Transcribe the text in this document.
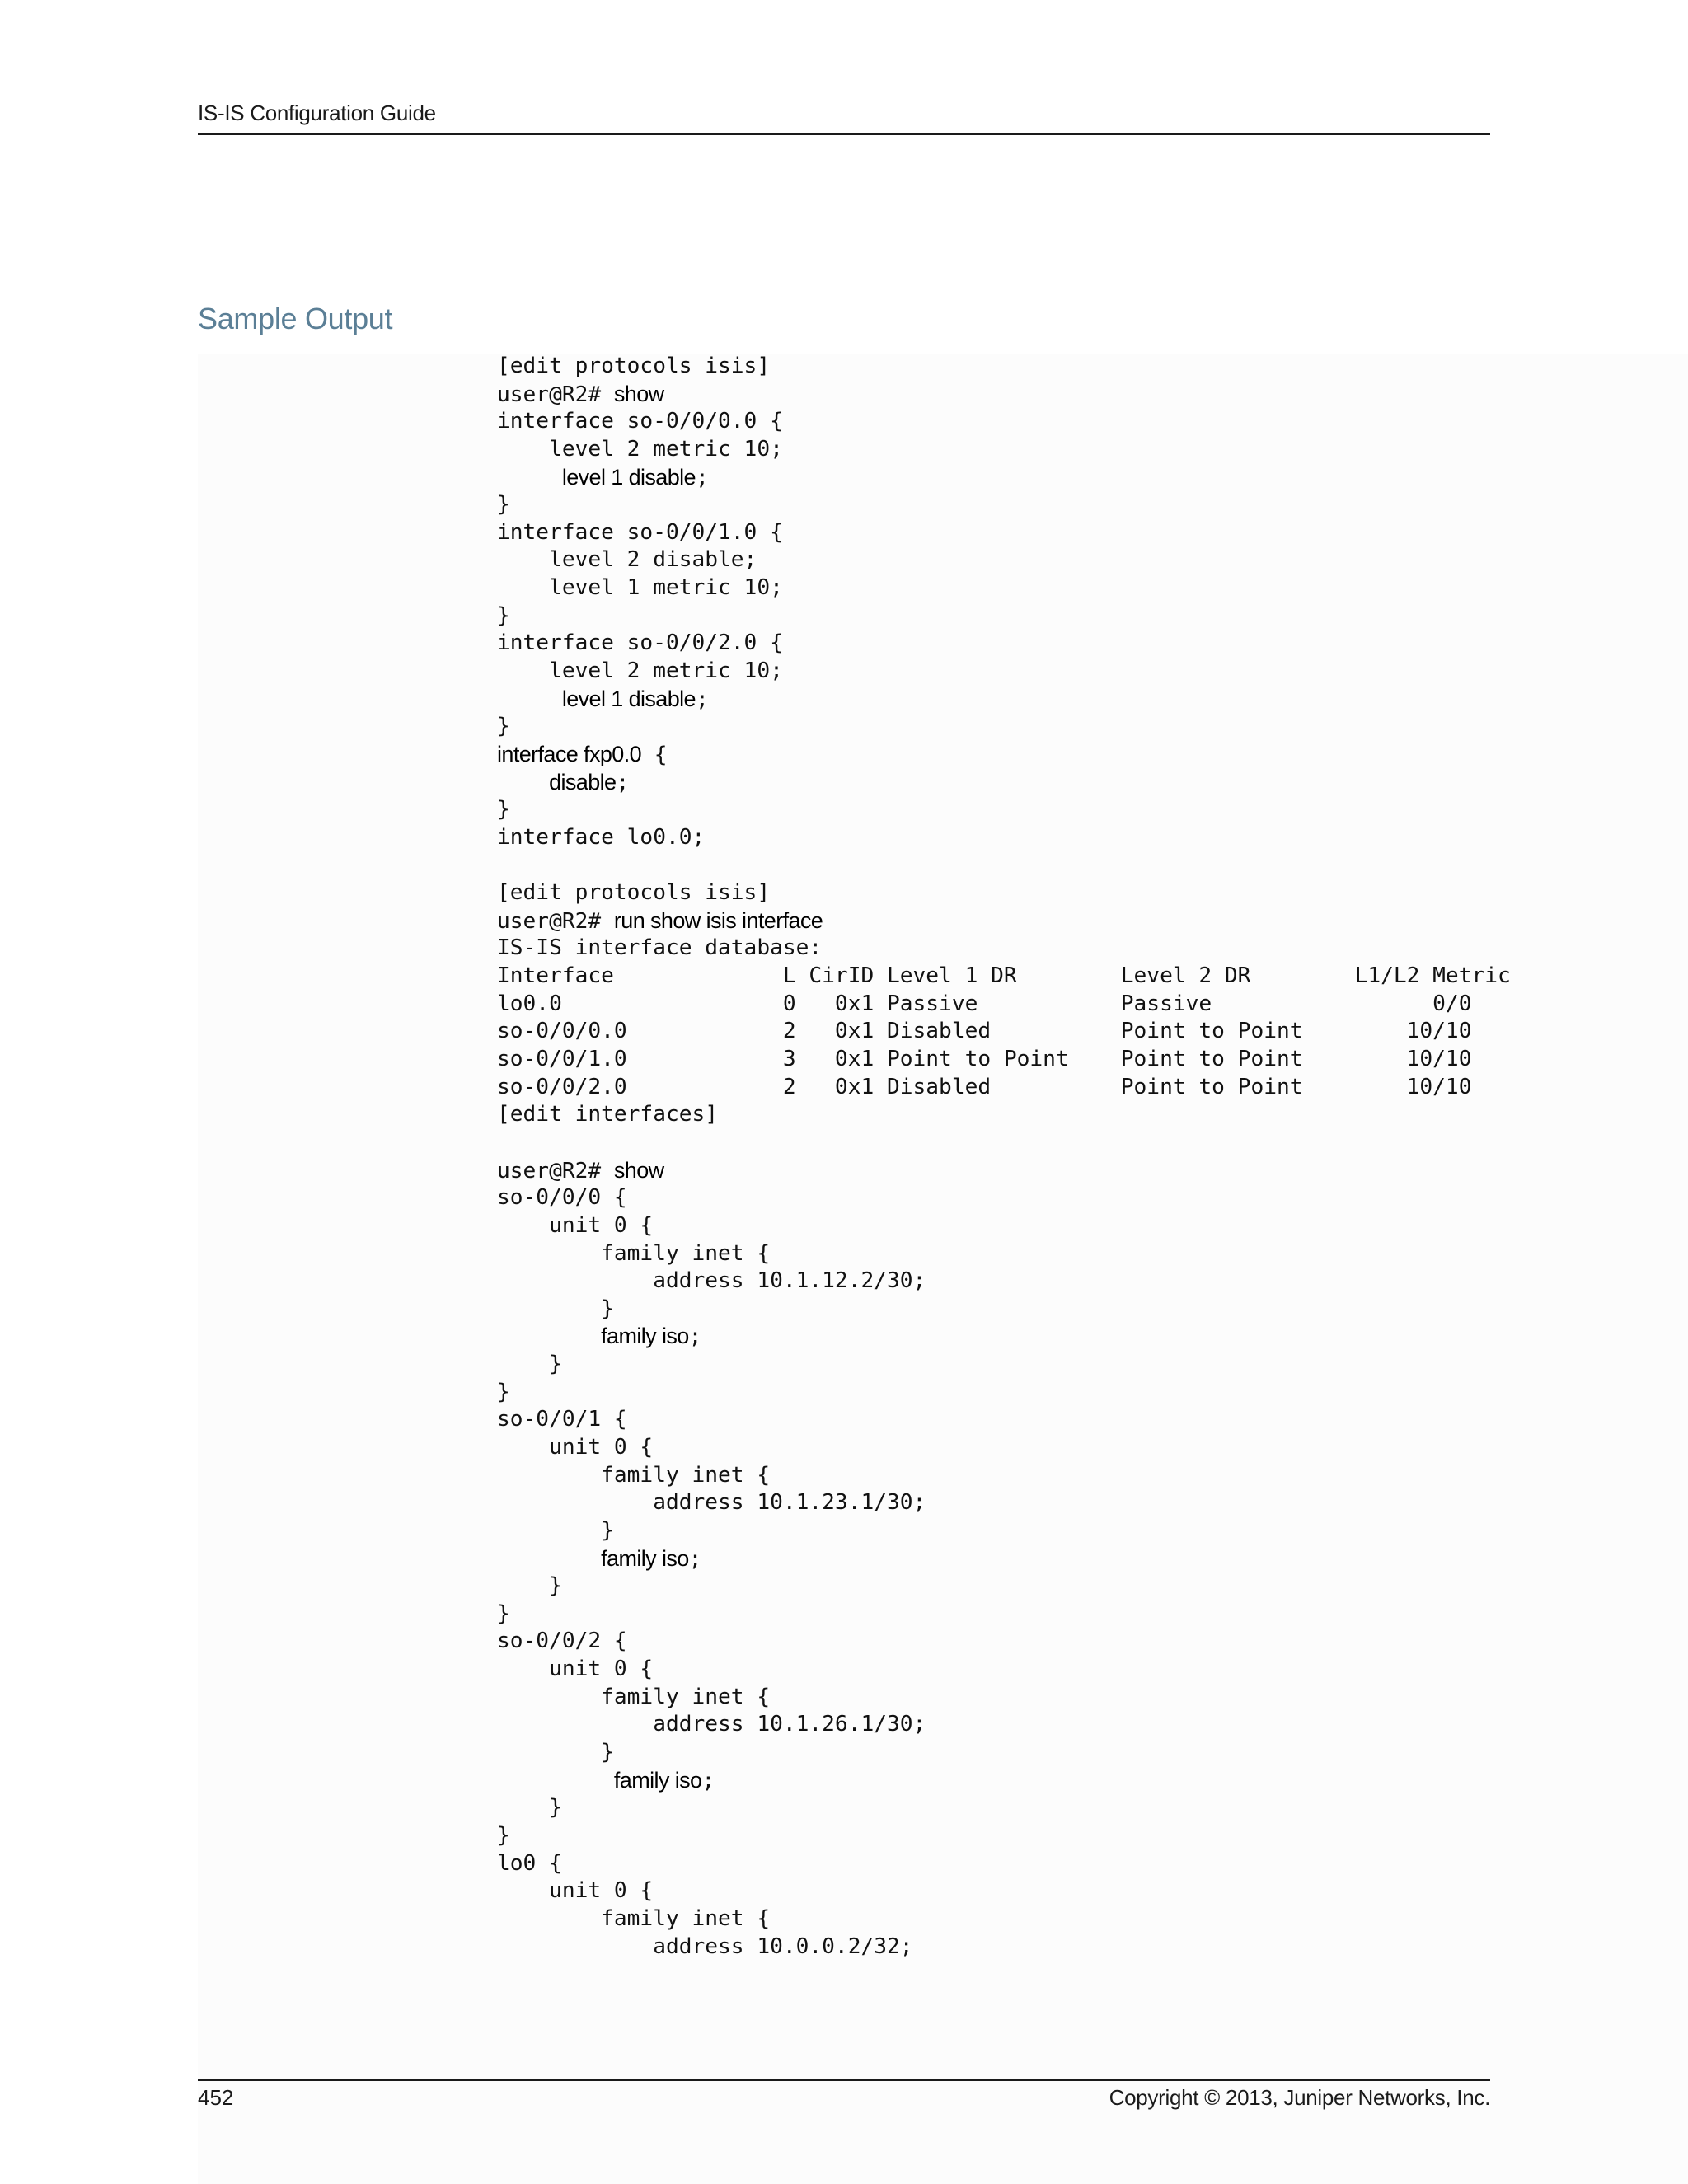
IS-IS Configuration Guide
Sample Output
[edit protocols isis]
user@R2# show
interface so-0/0/0.0 {
level 2 metric 10;
level 1 disable;
}
interface so-0/0/1.0 {
level 2 disable;
level 1 metric 10;
}
interface so-0/0/2.0 {
level 2 metric 10;
level 1 disable;
}
interface fxp0.0 {
disable;
}
interface lo0.0;
[edit protocols isis]
user@R2# run show isis interface
IS-IS interface database:
Interface             L CirID Level 1 DR        Level 2 DR        L1/L2 Metric
lo0.0                 0   0x1 Passive           Passive                 0/0
so-0/0/0.0            2   0x1 Disabled          Point to Point        10/10
so-0/0/1.0            3   0x1 Point to Point    Point to Point        10/10
so-0/0/2.0            2   0x1 Disabled          Point to Point        10/10
[edit interfaces]
user@R2# show
so-0/0/0 {
unit 0 {
family inet {
address 10.1.12.2/30;
}
family iso;
}
}
so-0/0/1 {
unit 0 {
family inet {
address 10.1.23.1/30;
}
family iso;
}
}
so-0/0/2 {
unit 0 {
family inet {
address 10.1.26.1/30;
}
family iso;
}
}
lo0 {
unit 0 {
family inet {
address 10.0.0.2/32;
452	Copyright © 2013, Juniper Networks, Inc.
